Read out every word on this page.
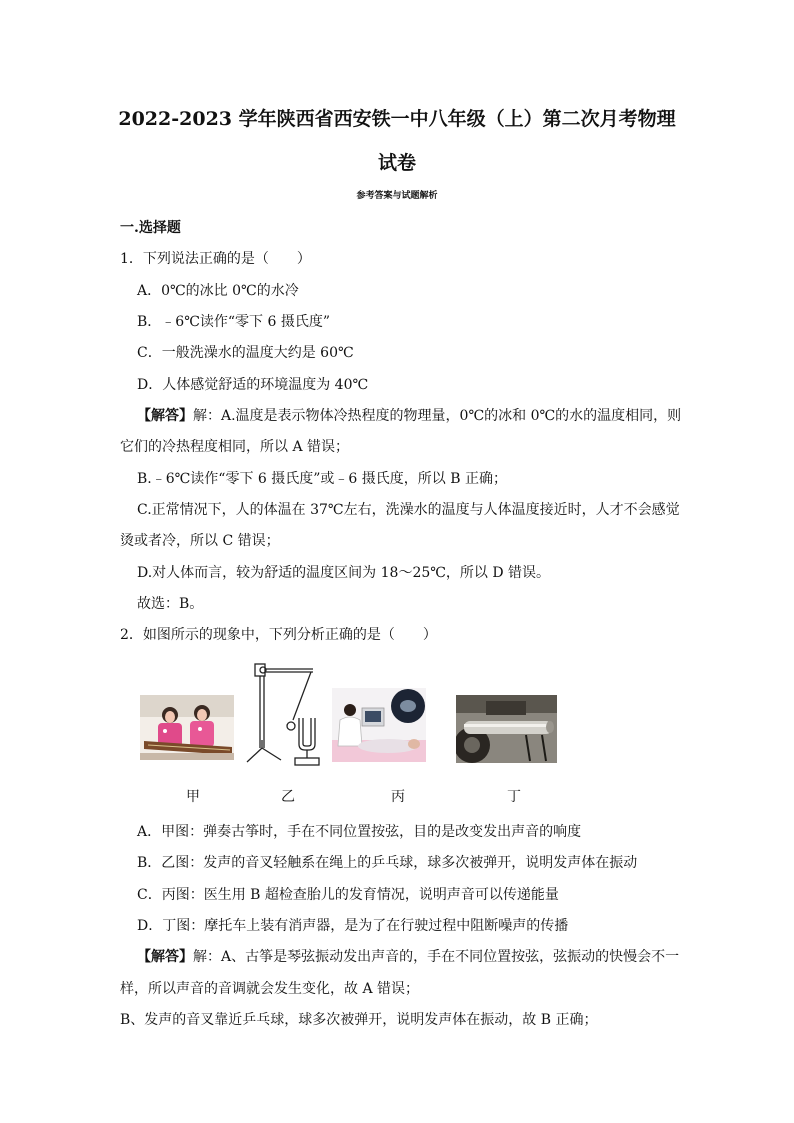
2022-2023 学年陕西省西安铁一中八年级（上）第二次月考物理
试卷
参考答案与试题解析
一.选择题
1．下列说法正确的是（　　）
A．0℃的冰比 0℃的水冷
B．﹣6℃读作“零下 6 摄氏度”
C．一般洗澡水的温度大约是 60℃
D．人体感觉舒适的环境温度为 40℃
【解答】解：A.温度是表示物体冷热程度的物理量，0℃的冰和 0℃的水的温度相同，则
它们的冷热程度相同，所以 A 错误；
B.﹣6℃读作“零下 6 摄氏度”或﹣6 摄氏度，所以 B 正确；
C.正常情况下，人的体温在 37℃左右，洗澡水的温度与人体温度接近时，人才不会感觉
烫或者冷，所以 C 错误；
D.对人体而言，较为舒适的温度区间为 18～25℃，所以 D 错误。
故选：B。
2．如图所示的现象中，下列分析正确的是（　　）
甲	乙	丙	丁
A．甲图：弹奏古筝时，手在不同位置按弦，目的是改变发出声音的响度
B．乙图：发声的音叉轻触系在绳上的乒乓球，球多次被弹开，说明发声体在振动
C．丙图：医生用 B 超检查胎儿的发育情况，说明声音可以传递能量
D．丁图：摩托车上装有消声器，是为了在行驶过程中阻断噪声的传播
【解答】解：A、古筝是琴弦振动发出声音的，手在不同位置按弦，弦振动的快慢会不一
样，所以声音的音调就会发生变化，故 A 错误；
B、发声的音叉靠近乒乓球，球多次被弹开，说明发声体在振动，故 B 正确；
